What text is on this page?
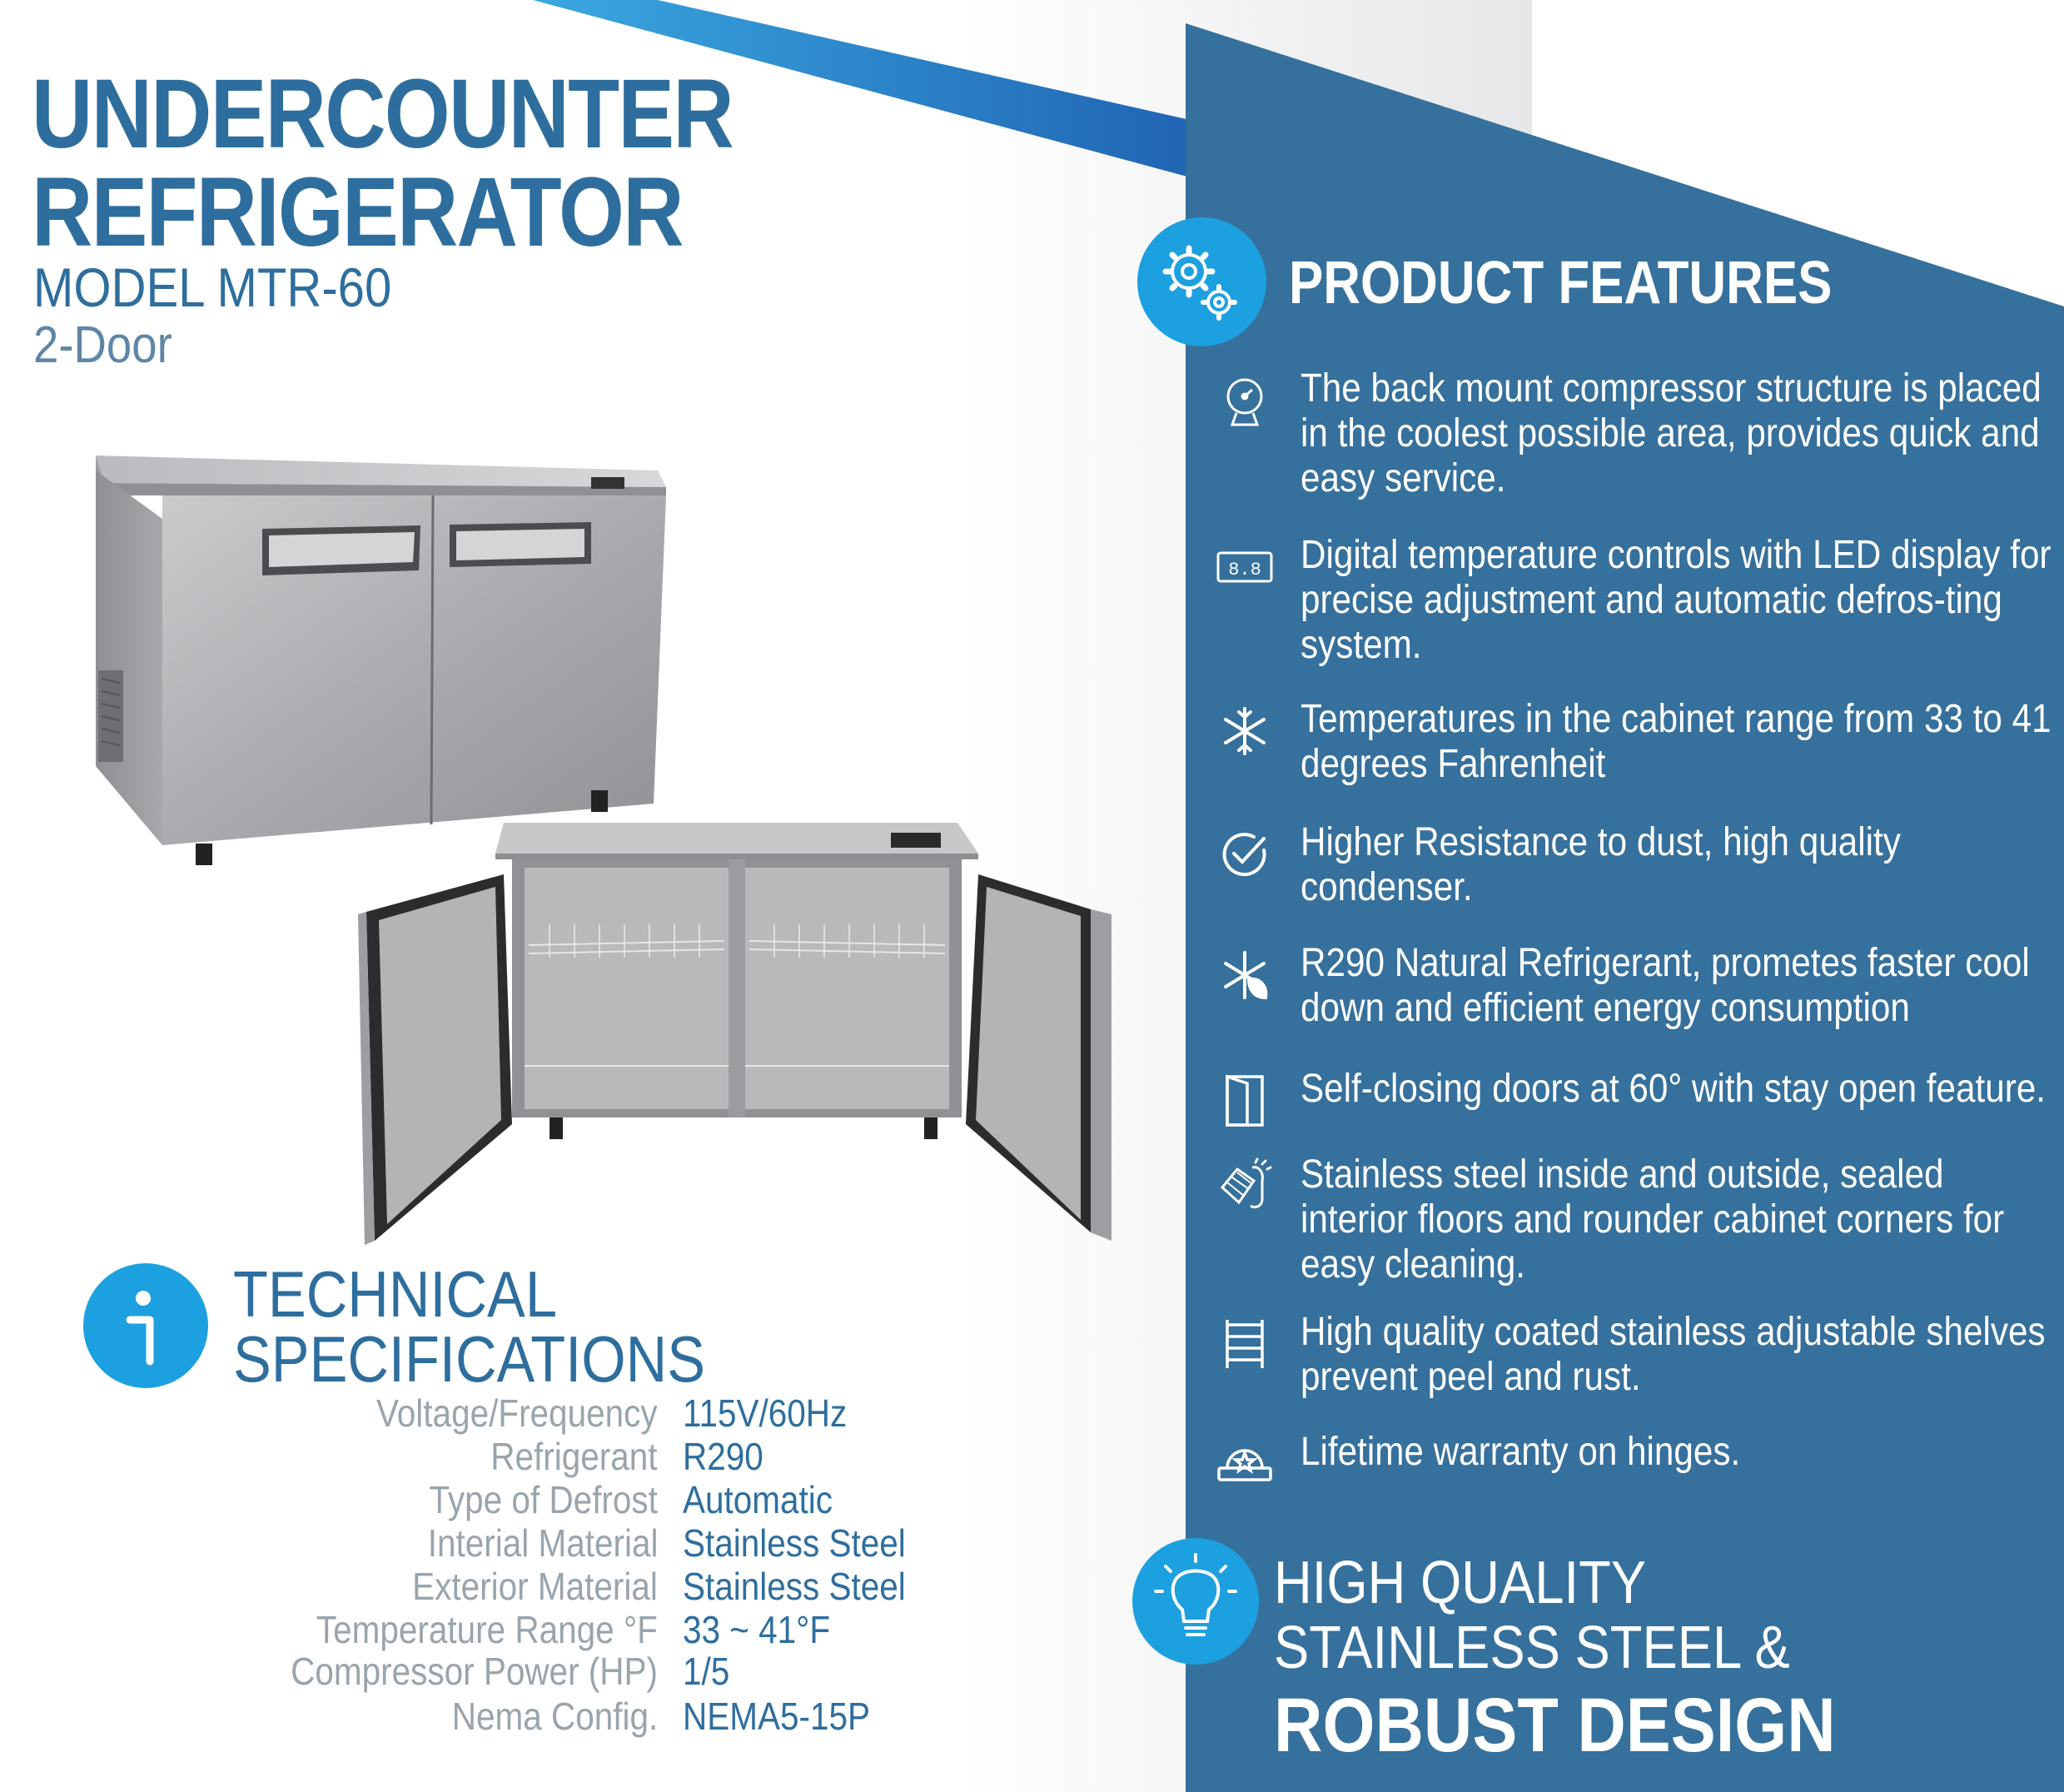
UNDERCOUNTER
REFRIGERATOR
MODEL MTR-60
2-Door
TECHNICAL
SPECIFICATIONS
Voltage/Frequency 115V/60Hz
Refrigerant R290
Type of Defrost Automatic
Interial Material Stainless Steel
Exterior Material Stainless Steel
Temperature Range °F 33 ~ 41°F
Compressor Power (HP) 1/5
Nema Config. NEMA5-15P
PRODUCT FEATURES
The back mount compressor structure is placed in the coolest possible area, provides quick and easy service.
8.8 Digital temperature controls with LED display for precise adjustment and automatic defros-ting system.
Temperatures in the cabinet range from 33 to 41 degrees Fahrenheit
Higher Resistance to dust, high quality condenser.
R290 Natural Refrigerant, prometes faster cool down and efficient energy consumption
Self-closing doors at 60° with stay open feature.
Stainless steel inside and outside, sealed interior floors and rounder cabinet corners for easy cleaning.
High quality coated stainless adjustable shelves prevent peel and rust.
Lifetime warranty on hinges.
HIGH QUALITY
STAINLESS STEEL &
ROBUST DESIGN
